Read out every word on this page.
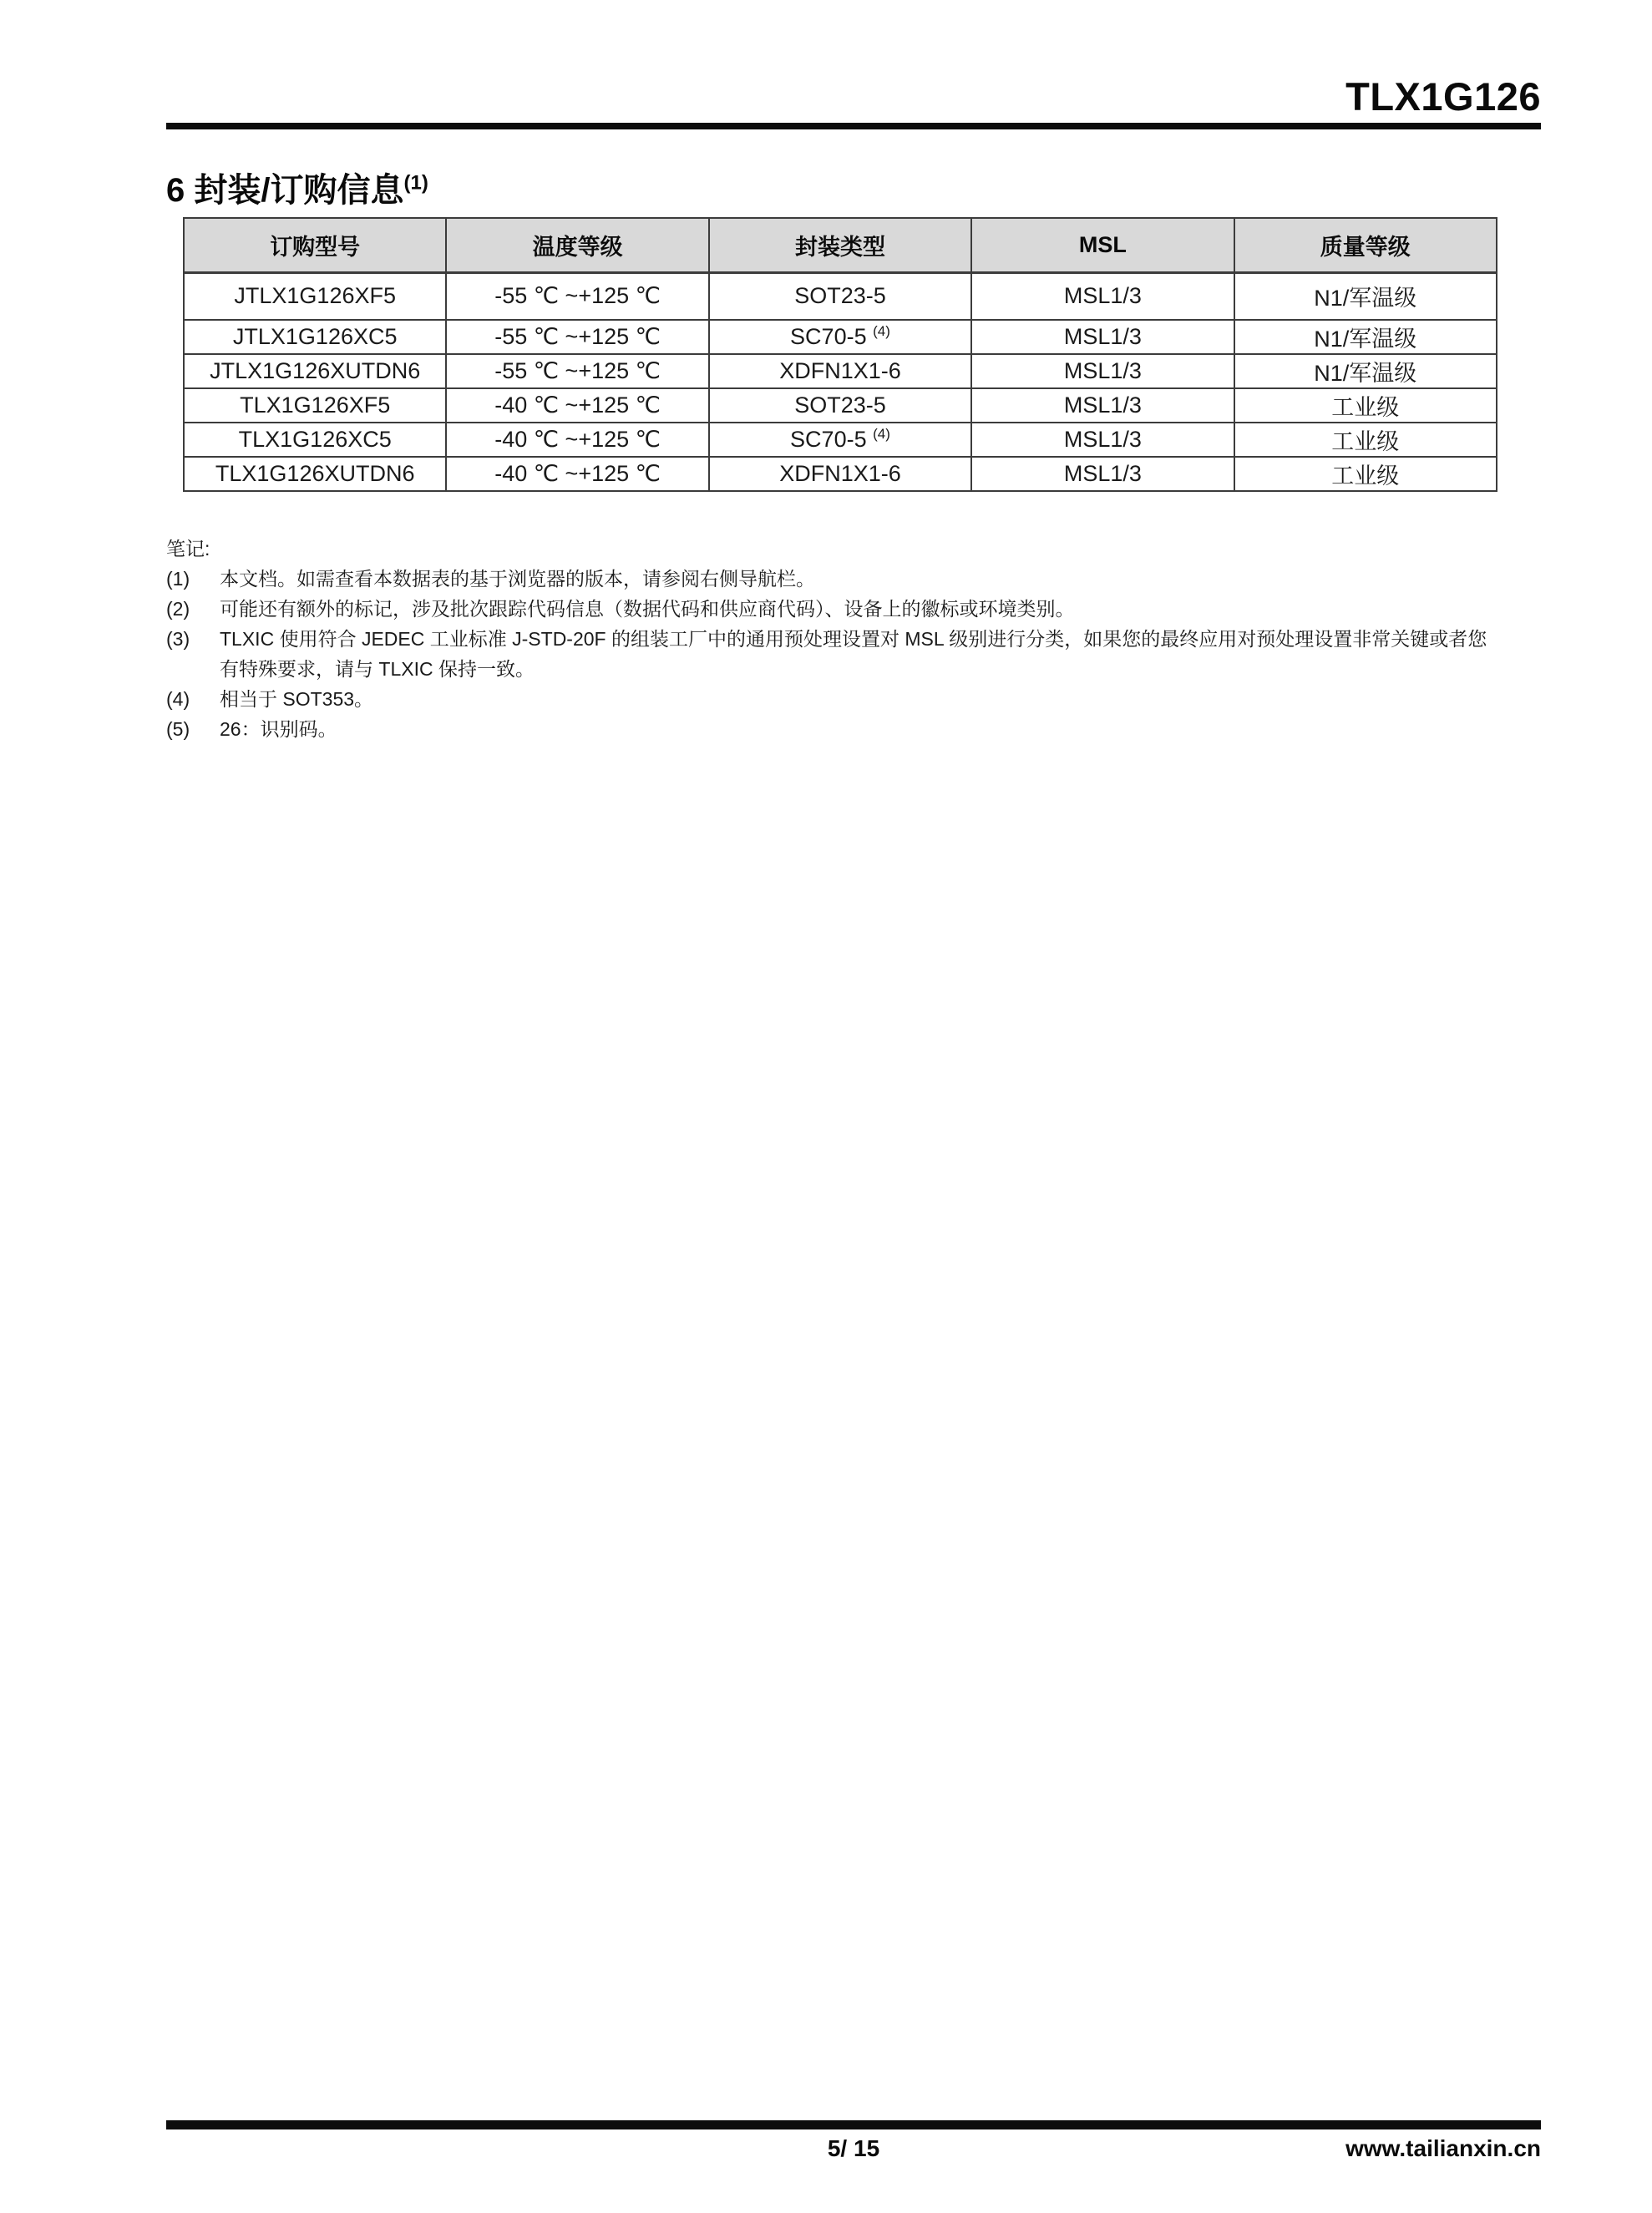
TLX1G126
6 封装/订购信息$^{(1)}$
订购型号	温度等级	封装类型	MSL	质量等级
JTLX1G126XF5	-55 ℃ ~+125 ℃	SOT23-5	MSL1/3	N1/军温级
JTLX1G126XC5	-55 ℃ ~+125 ℃	SC70-5 $^{(4)}$	MSL1/3	N1/军温级
JTLX1G126XUTDN6	-55 ℃ ~+125 ℃	XDFN1X1-6	MSL1/3	N1/军温级
TLX1G126XF5	-40 ℃ ~+125 ℃	SOT23-5	MSL1/3	工业级
TLX1G126XC5	-40 ℃ ~+125 ℃	SC70-5 $^{(4)}$	MSL1/3	工业级
TLX1G126XUTDN6	-40 ℃ ~+125 ℃	XDFN1X1-6	MSL1/3	工业级
笔记:
(1)	本文档。如需查看本数据表的基于浏览器的版本，请参阅右侧导航栏。
(2)	可能还有额外的标记，涉及批次跟踪代码信息（数据代码和供应商代码）、设备上的徽标或环境类别。
(3)	TLXIC 使用符合 JEDEC 工业标准 J-STD-20F 的组装工厂中的通用预处理设置对 MSL 级别进行分类，如果您的最终应用对预处理设置非常关键或者您有特殊要求，请与 TLXIC 保持一致。
(4)	相当于 SOT353。
(5)	26：识别码。
5/ 15	www.tailianxin.cn
